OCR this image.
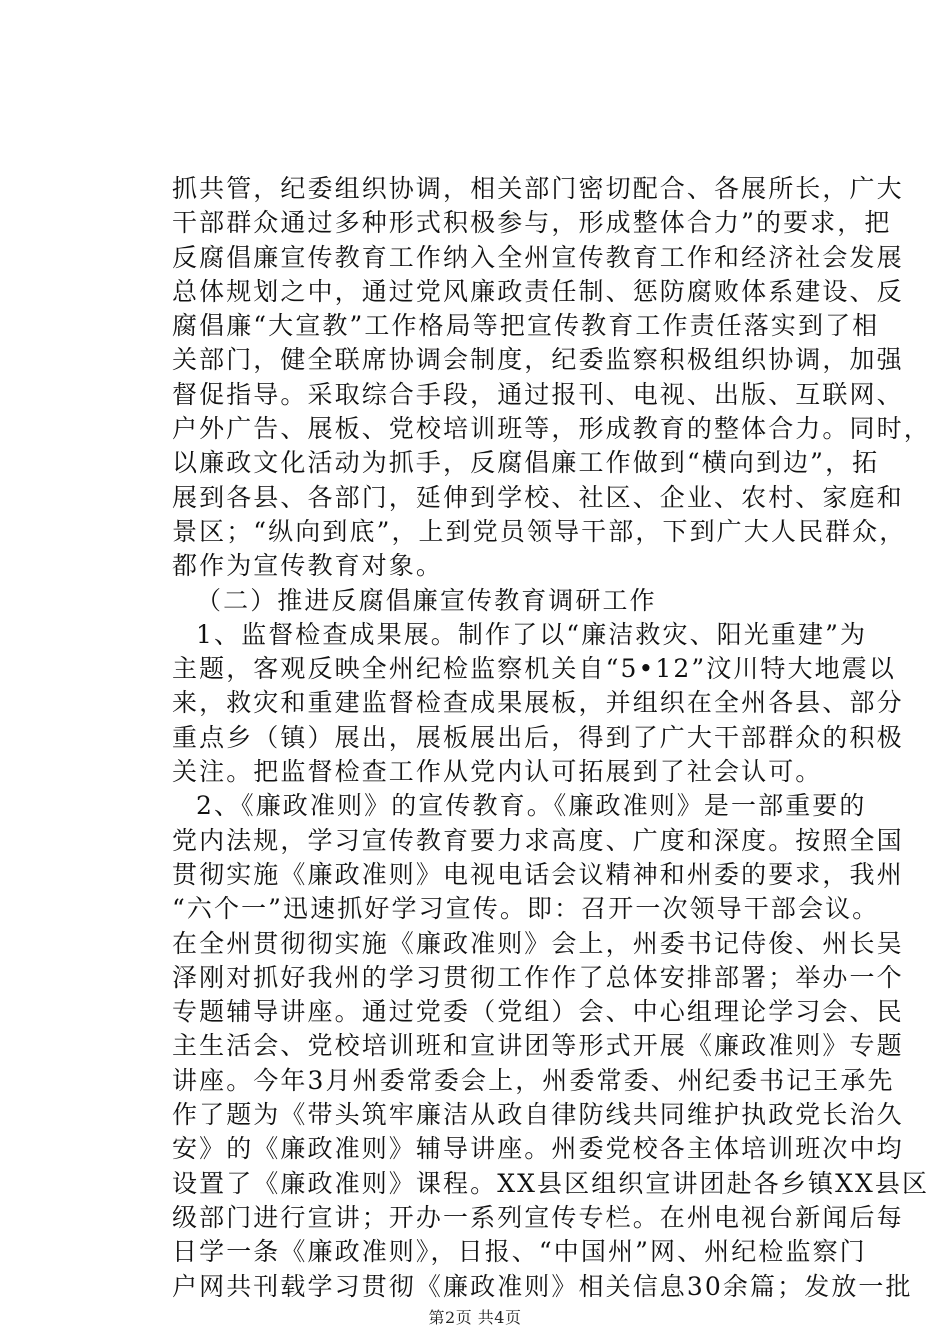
抓共管，纪委组织协调，相关部门密切配合、各展所长，广大
干部群众通过多种形式积极参与，形成整体合力”的要求，把
反腐倡廉宣传教育工作纳入全州宣传教育工作和经济社会发展
总体规划之中，通过党风廉政责任制、惩防腐败体系建设、反
腐倡廉“大宣教”工作格局等把宣传教育工作责任落实到了相
关部门，健全联席协调会制度，纪委监察积极组织协调，加强
督促指导。采取综合手段，通过报刊、电视、出版、互联网、
户外广告、展板、党校培训班等，形成教育的整体合力。同时，
以廉政文化活动为抓手，反腐倡廉工作做到“横向到边”，拓
展到各县、各部门，延伸到学校、社区、企业、农村、家庭和
景区；“纵向到底”，上到党员领导干部，下到广大人民群众，
都作为宣传教育对象。
（二）推进反腐倡廉宣传教育调研工作
1、监督检查成果展。制作了以“廉洁救灾、阳光重建”为
主题，客观反映全州纪检监察机关自“5•12”汶川特大地震以
来，救灾和重建监督检查成果展板，并组织在全州各县、部分
重点乡（镇）展出，展板展出后，得到了广大干部群众的积极
关注。把监督检查工作从党内认可拓展到了社会认可。
2、《廉政准则》的宣传教育。《廉政准则》是一部重要的
党内法规，学习宣传教育要力求高度、广度和深度。按照全国
贯彻实施《廉政准则》电视电话会议精神和州委的要求，我州
“六个一”迅速抓好学习宣传。即：召开一次领导干部会议。
在全州贯彻彻实施《廉政准则》会上，州委书记侍俊、州长吴
泽刚对抓好我州的学习贯彻工作作了总体安排部署；举办一个
专题辅导讲座。通过党委（党组）会、中心组理论学习会、民
主生活会、党校培训班和宣讲团等形式开展《廉政准则》专题
讲座。今年3月州委常委会上，州委常委、州纪委书记王承先
作了题为《带头筑牢廉洁从政自律防线共同维护执政党长治久
安》的《廉政准则》辅导讲座。州委党校各主体培训班次中均
设置了《廉政准则》课程。XX县区组织宣讲团赴各乡镇XX县区
级部门进行宣讲；开办一系列宣传专栏。在州电视台新闻后每
日学一条《廉政准则》，日报、“中国州”网、州纪检监察门
户网共刊载学习贯彻《廉政准则》相关信息30余篇；发放一批
第2页 共4页
